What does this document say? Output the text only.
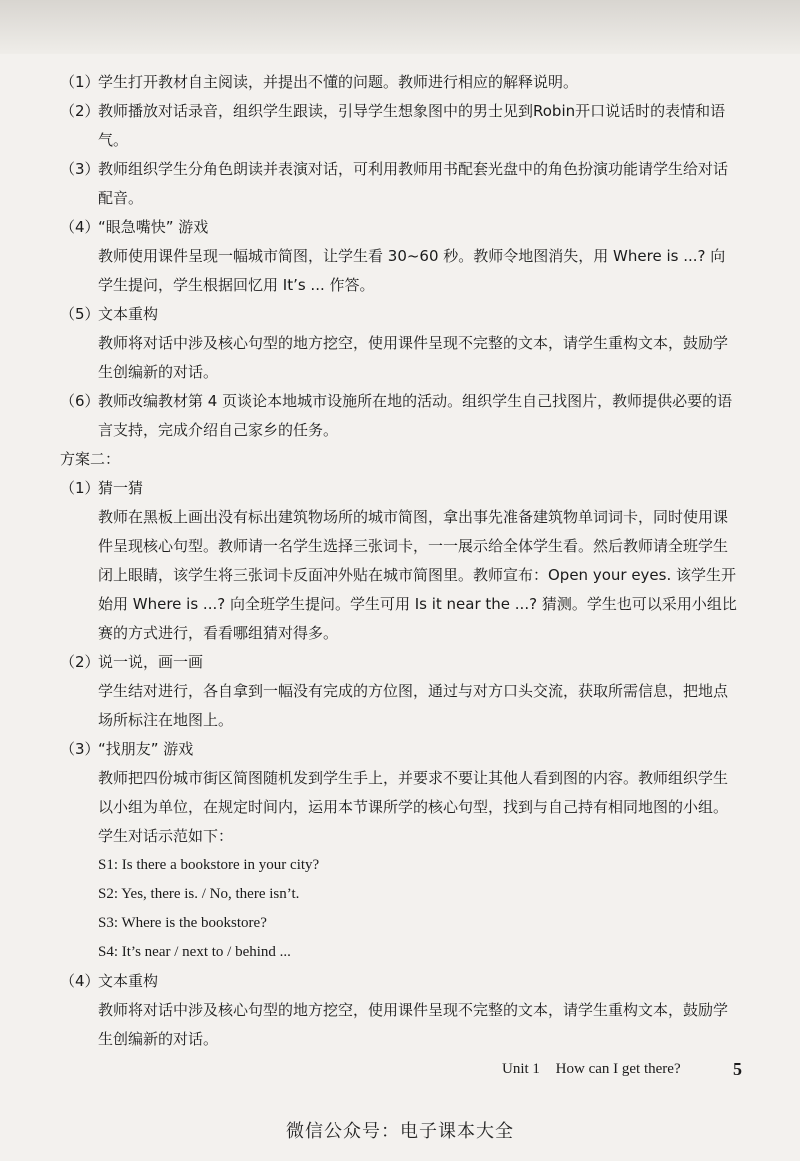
（1）
学生打开教材自主阅读，并提出不懂的问题。教师进行相应的解释说明。
（2）
教师播放对话录音，组织学生跟读，引导学生想象图中的男士见到Robin开口说话时的表情和语气。
（3）
教师组织学生分角色朗读并表演对话，可利用教师用书配套光盘中的角色扮演功能请学生给对话配音。
（4）
“眼急嘴快” 游戏
教师使用课件呈现一幅城市简图，让学生看 30~60 秒。教师令地图消失，用 Where is ...? 向学生提问，学生根据回忆用 It’s ... 作答。
（5）
文本重构
教师将对话中涉及核心句型的地方挖空，使用课件呈现不完整的文本，请学生重构文本，鼓励学生创编新的对话。
（6）
教师改编教材第 4 页谈论本地城市设施所在地的活动。组织学生自己找图片，教师提供必要的语言支持，完成介绍自己家乡的任务。
方案二：
（1）
猜一猜
教师在黑板上画出没有标出建筑物场所的城市简图，拿出事先准备建筑物单词词卡，同时使用课件呈现核心句型。教师请一名学生选择三张词卡，一一展示给全体学生看。然后教师请全班学生闭上眼睛，该学生将三张词卡反面冲外贴在城市简图里。教师宣布：Open your eyes. 该学生开始用 Where is ...? 向全班学生提问。学生可用 Is it near the ...? 猜测。学生也可以采用小组比赛的方式进行，看看哪组猜对得多。
（2）
说一说，画一画
学生结对进行，各自拿到一幅没有完成的方位图，通过与对方口头交流，获取所需信息，把地点场所标注在地图上。
（3）
“找朋友” 游戏
教师把四份城市街区简图随机发到学生手上，并要求不要让其他人看到图的内容。教师组织学生以小组为单位，在规定时间内，运用本节课所学的核心句型，找到与自己持有相同地图的小组。
学生对话示范如下：
S1: Is there a bookstore in your city?
S2: Yes, there is. / No, there isn’t.
S3: Where is the bookstore?
S4: It’s near / next to / behind ...
（4）
文本重构
教师将对话中涉及核心句型的地方挖空，使用课件呈现不完整的文本，请学生重构文本，鼓励学生创编新的对话。
Unit 1 How can I get there?	5
微信公众号：电子课本大全
